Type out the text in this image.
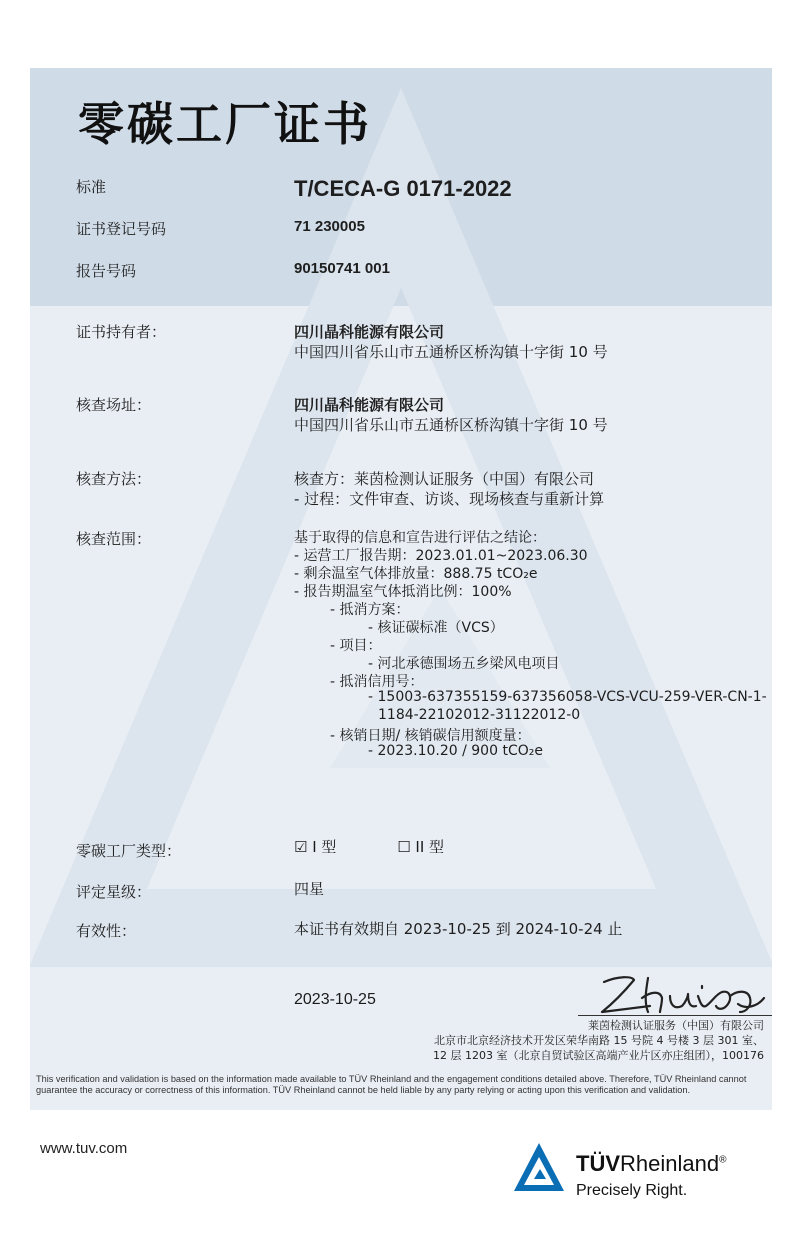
零碳工厂证书
标准	T/CECA-G 0171-2022
证书登记号码	71 230005
报告号码	90150741 001
证书持有者：	四川晶科能源有限公司
中国四川省乐山市五通桥区桥沟镇十字街 10 号
核查场址：	四川晶科能源有限公司
中国四川省乐山市五通桥区桥沟镇十字街 10 号
核查方法：	核查方：莱茵检测认证服务（中国）有限公司
- 过程：文件审查、访谈、现场核查与重新计算
核查范围：	基于取得的信息和宣告进行评估之结论：
- 运营工厂报告期：2023.01.01~2023.06.30
- 剩余温室气体排放量：888.75 tCO₂e
- 报告期温室气体抵消比例：100%
- 抵消方案：
- 核证碳标准（VCS）
- 项目：
- 河北承德围场五乡梁风电项目
- 抵消信用号：
- 15003-637355159-637356058-VCS-VCU-259-VER-CN-1-
1184-22102012-31122012-0
- 核销日期/ 核销碳信用额度量：
- 2023.10.20 / 900 tCO₂e
零碳工厂类型：	☑ I 型	☐ II 型
评定星级：	四星
有效性：	本证书有效期自 2023-10-25 到 2024-10-24 止
2023-10-25
莱茵检测认证服务（中国）有限公司
北京市北京经济技术开发区荣华南路 15 号院 4 号楼 3 层 301 室、
12 层 1203 室（北京自贸试验区高端产业片区亦庄组团），100176
This verification and validation is based on the information made available to TÜV Rheinland and the engagement conditions detailed above. Therefore, TÜV Rheinland cannot guarantee the accuracy or correctness of this information. TÜV Rheinland cannot be held liable by any party relying or acting upon this verification and validation.
www.tuv.com
TÜVRheinland®
Precisely Right.
